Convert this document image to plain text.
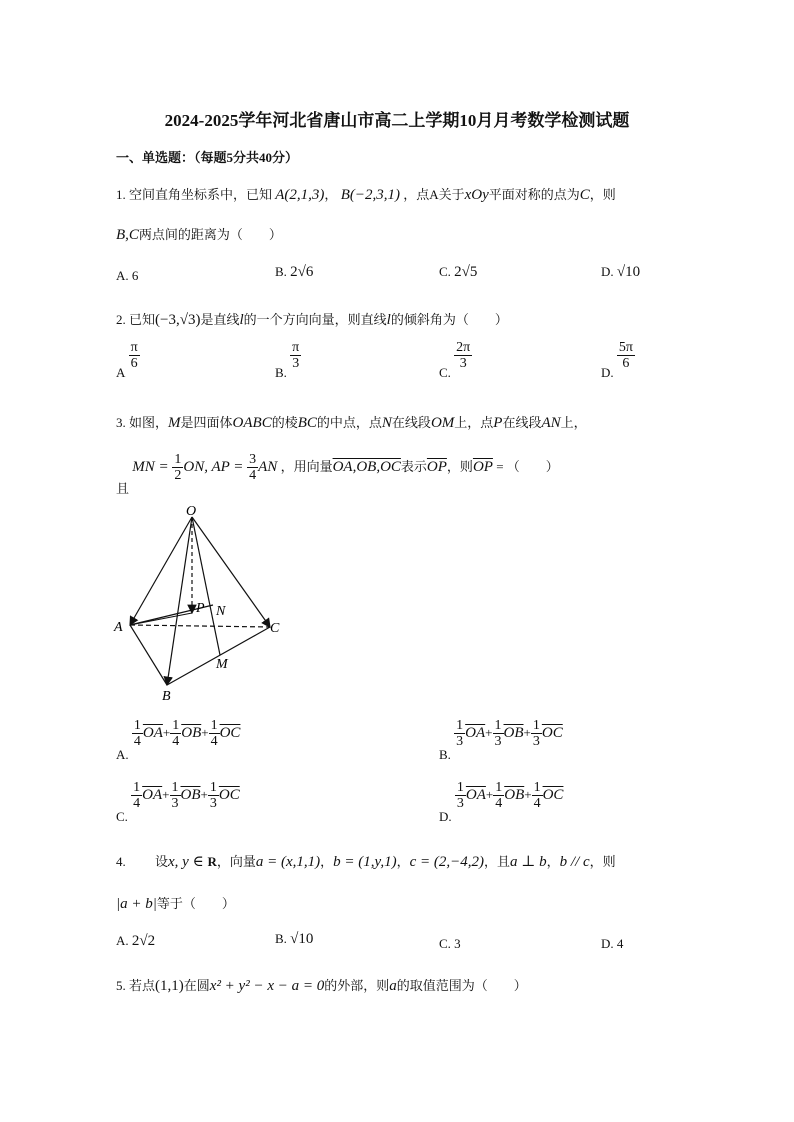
2024-2025学年河北省唐山市高二上学期10月月考数学检测试题
一、单选题：（每题5分共40分）
1. 空间直角坐标系中，已知 A(2,1,3)， B(−2,3,1) ，点A关于xOy平面对称的点为C，则
B,C两点间的距离为（　　）
A. 6	B. 2√6	C. 2√5	D. √10
2. 已知(−3,√3)是直线l的一个方向向量，则直线l的倾斜角为（　　）
A
$\frac{\pi}{6}$
B.
$\frac{\pi}{3}$
C.
$\frac{2\pi}{3}$
D.
$\frac{5\pi}{6}$
3. 如图，M是四面体OABC的棱BC的中点，点N在线段OM上，点P在线段AN上，
且 MN = $\frac{1}{2}$ ON, AP = $\frac{3}{4}$ AN ，用向量OA,OB,OC表示$\overline{OP}$，则$\overline{OP}$ = （　　）
O
A
B
C
P N
M
A.
$\frac{1}{4} \overline{OA}+ \frac{1}{4} \overline{OB}+ \frac{1}{4} \overline{OC}$
B.
$\frac{1}{3} \overline{OA}+ \frac{1}{3} \overline{OB}+ \frac{1}{3} \overline{OC}$
C.
$\frac{1}{4} \overline{OA}+ \frac{1}{3} \overline{OB}+ \frac{1}{3} \overline{OC}$
D.
$\frac{1}{3} \overline{OA}+ \frac{1}{4} \overline{OB}+ \frac{1}{4} \overline{OC}$
4. 设x, y ∈ R，向量a = (x,1,1)，b = (1,y,1)，c = (2,−4,2)，且a ⊥ b，b // c，则
|a + b|等于（　　）
A. 2√2	B. √10	C. 3	D. 4
5. 若点(1,1)在圆x² + y² − x − a = 0的外部，则a的取值范围为（　　）
